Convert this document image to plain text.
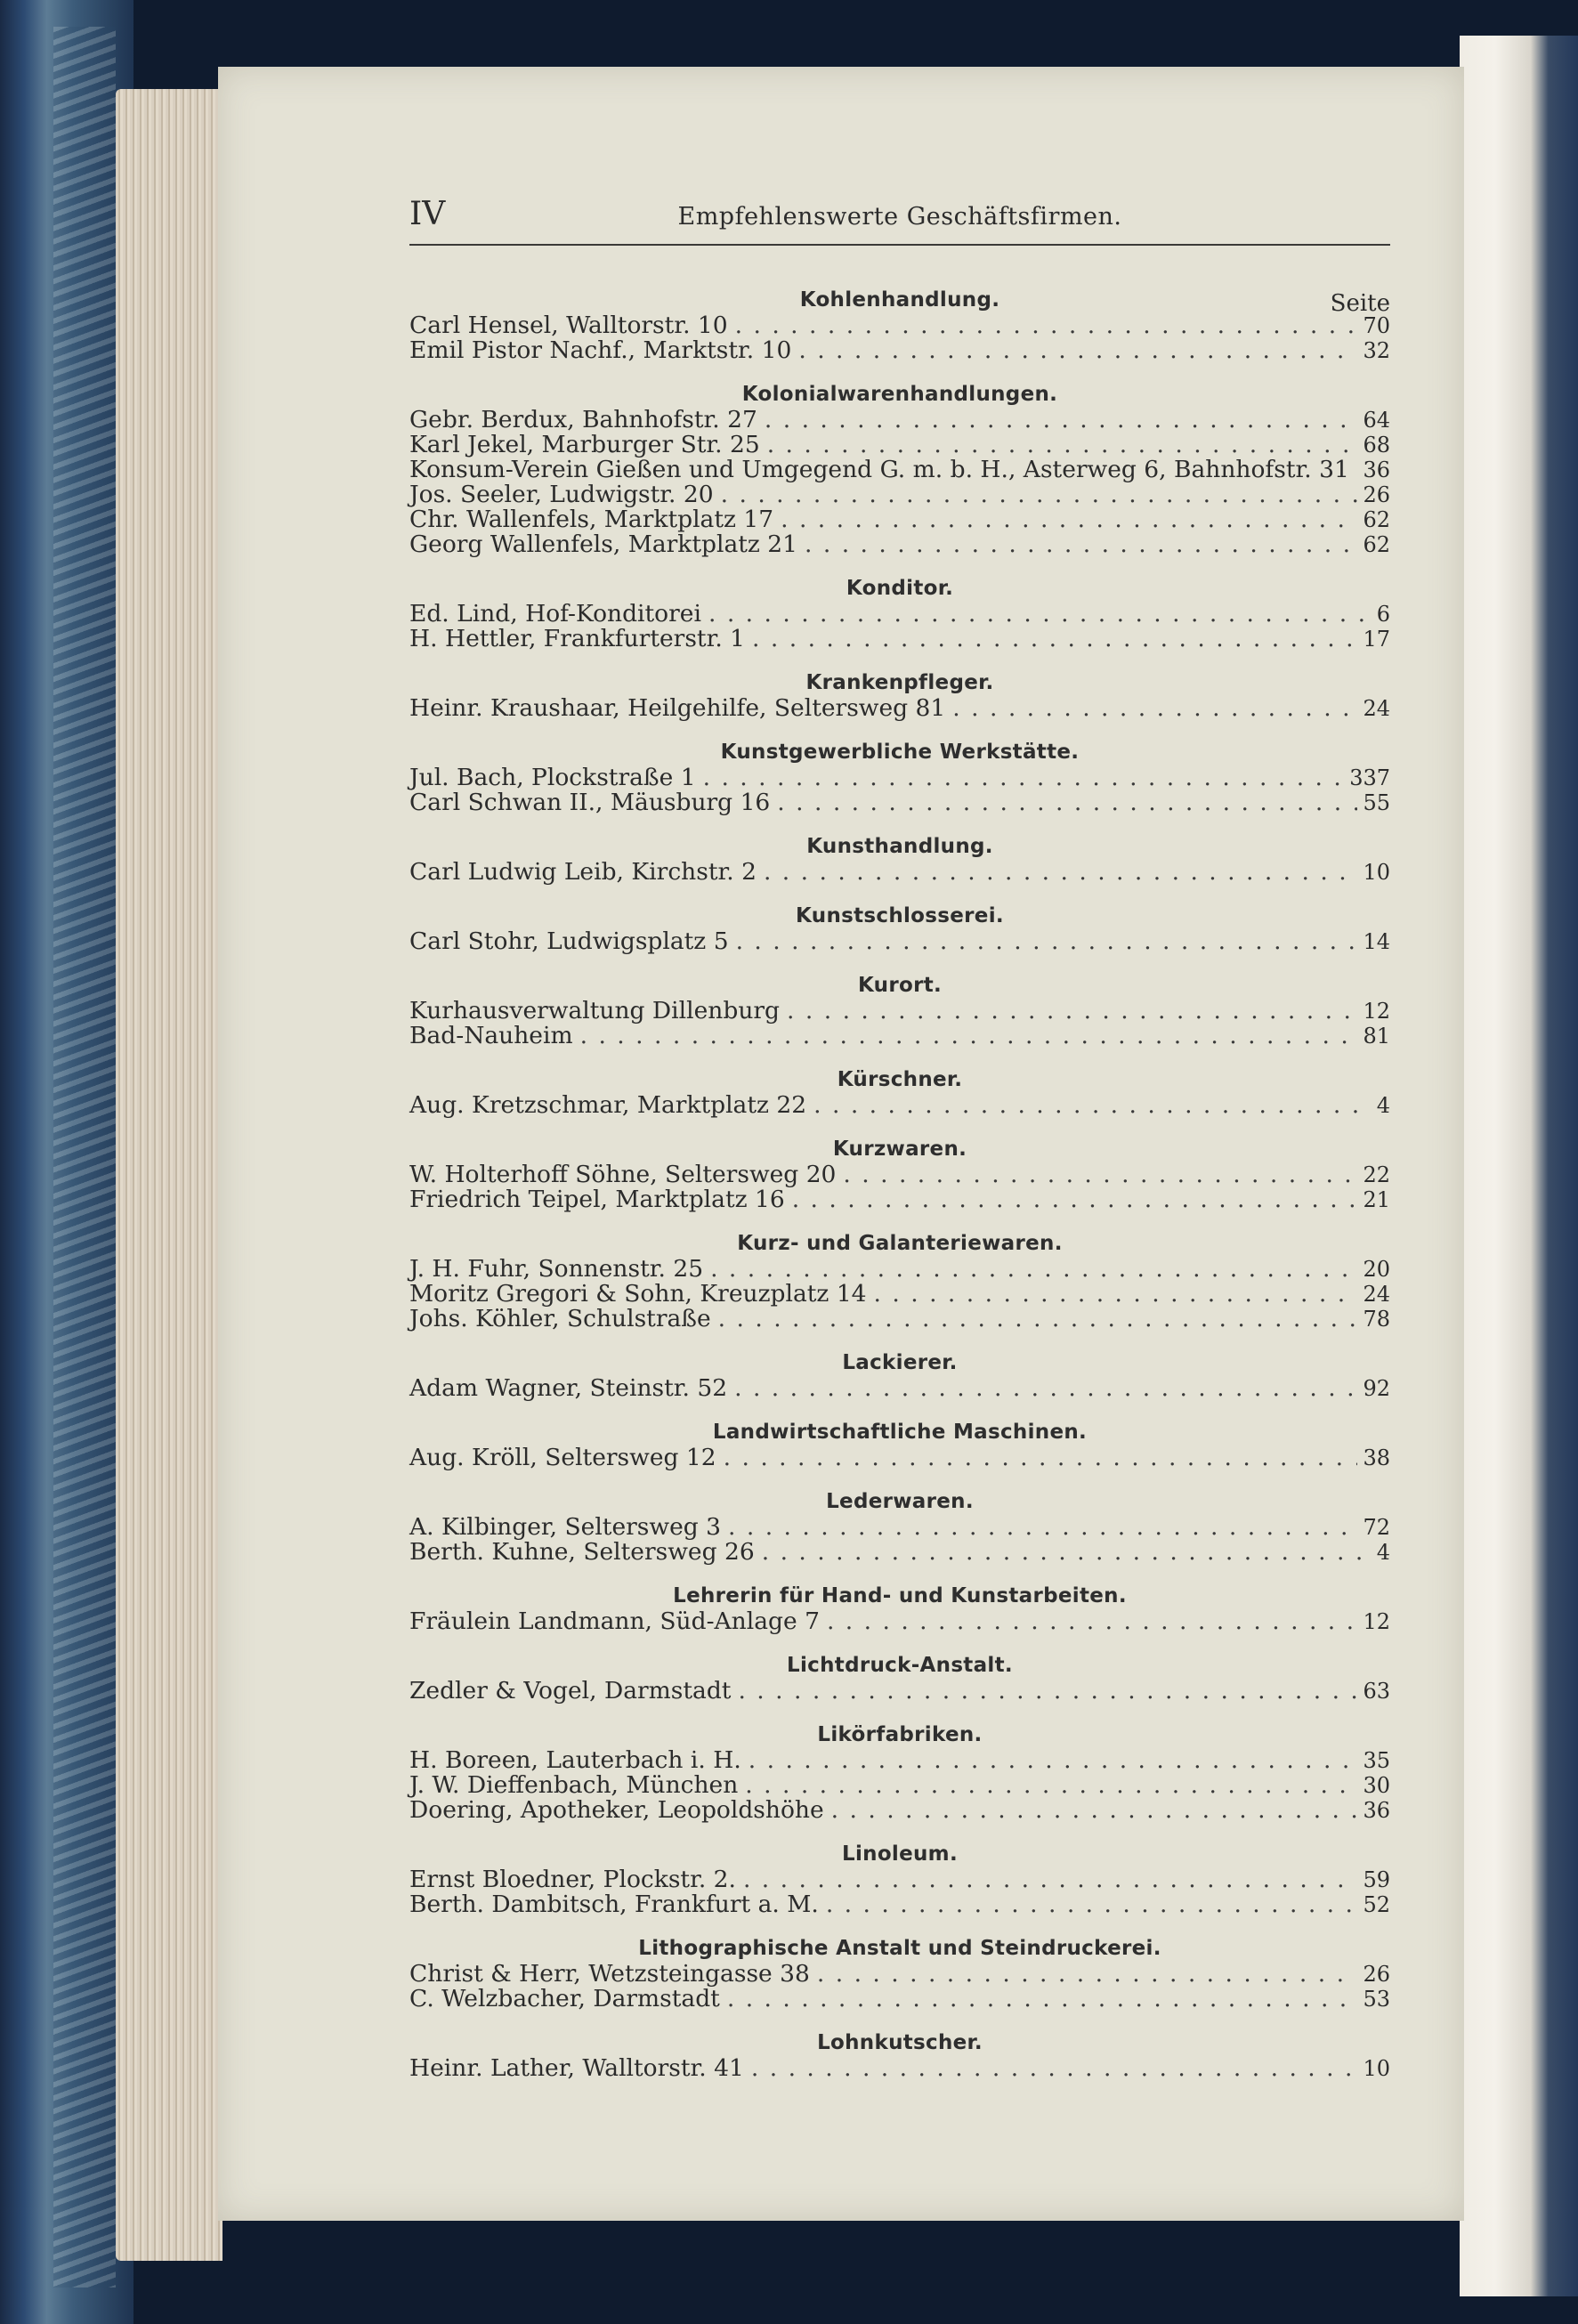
IV	Empfehlenswerte Geschäftsfirmen.
Kohlenhandlung.	Seite
Carl Hensel, Walltorstr. 10 . . .	70
Emil Pistor Nachf., Marktstr. 10 . . .	32
Kolonialwarenhandlungen.
Gebr. Berdux, Bahnhofstr. 27 . . .	64
Karl Jekel, Marburger Str. 25 . . .	68
Konsum-Verein Gießen und Umgegend G. m. b. H., Asterweg 6, Bahnhofstr. 31 . . . 36
Jos. Seeler, Ludwigstr. 20 . . .	26
Chr. Wallenfels, Marktplatz 17 . . .	62
Georg Wallenfels, Marktplatz 21 . . .	62
Konditor.
Ed. Lind, Hof-Konditorei . . .	6
H. Hettler, Frankfurterstr. 1 . . .	17
Krankenpfleger.
Heinr. Kraushaar, Heilgehilfe, Seltersweg 81 . . .	24
Kunstgewerbliche Werkstätte.
Jul. Bach, Plockstraße 1 . . .	337
Carl Schwan II., Mäusburg 16 . . .	55
Kunsthandlung.
Carl Ludwig Leib, Kirchstr. 2 . . .	10
Kunstschlosserei.
Carl Stohr, Ludwigsplatz 5 . . .	14
Kurort.
Kurhausverwaltung Dillenburg . . .	12
Bad-Nauheim . . .	81
Kürschner.
Aug. Kretzschmar, Marktplatz 22 . . .	4
Kurzwaren.
W. Holterhoff Söhne, Seltersweg 20 . . .	22
Friedrich Teipel, Marktplatz 16 . . .	21
Kurz- und Galanteriewaren.
J. H. Fuhr, Sonnenstr. 25 . . .	20
Moritz Gregori & Sohn, Kreuzplatz 14 . . .	24
Johs. Köhler, Schulstraße . . .	78
Lackierer.
Adam Wagner, Steinstr. 52 . . .	92
Landwirtschaftliche Maschinen.
Aug. Kröll, Seltersweg 12 . . .	38
Lederwaren.
A. Kilbinger, Seltersweg 3 . . .	72
Berth. Kuhne, Seltersweg 26 . . .	4
Lehrerin für Hand- und Kunstarbeiten.
Fräulein Landmann, Süd-Anlage 7 . . .	12
Lichtdruck-Anstalt.
Zedler & Vogel, Darmstadt . . .	63
Likörfabriken.
H. Boreen, Lauterbach i. H. . . .	35
J. W. Dieffenbach, München . . .	30
Doering, Apotheker, Leopoldshöhe . . .	36
Linoleum.
Ernst Bloedner, Plockstr. 2. . . .	59
Berth. Dambitsch, Frankfurt a. M. . . .	52
Lithographische Anstalt und Steindruckerei.
Christ & Herr, Wetzsteingasse 38 . . .	26
C. Welzbacher, Darmstadt . . .	53
Lohnkutscher.
Heinr. Lather, Walltorstr. 41 . . .	10
